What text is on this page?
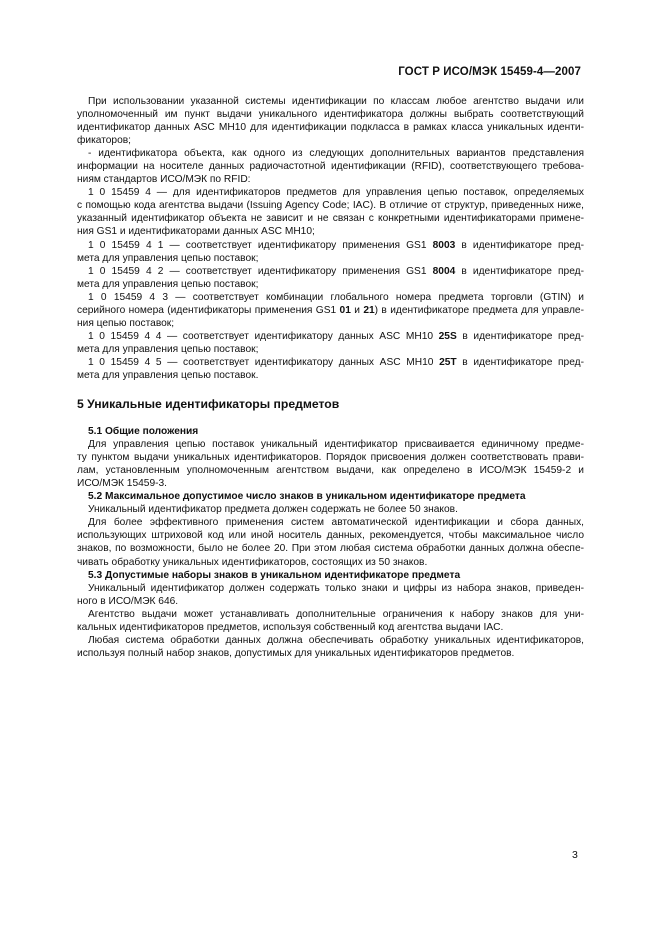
ГОСТ Р ИСО/МЭК 15459-4—2007
При использовании указанной системы идентификации по классам любое агентство выдачи или
уполномоченный им пункт выдачи уникального идентификатора должны выбрать соответствующий
идентификатор данных ASC MH10 для идентификации подкласса в рамках класса уникальных иденти-
фикаторов;
- идентификатора объекта, как одного из следующих дополнительных вариантов представления
информации на носителе данных радиочастотной идентификации (RFID), соответствующего требова-
ниям стандартов ИСО/МЭК по RFID:
1 0 15459 4 — для идентификаторов предметов для управления цепью поставок, определяемых
с помощью кода агентства выдачи (Issuing Agency Code; IAC). В отличие от структур, приведенных ниже,
указанный идентификатор объекта не зависит и не связан с конкретными идентификаторами примене-
ния GS1 и идентификаторами данных ASC MH10;
1 0 15459 4 1 — соответствует идентификатору применения GS1 8003 в идентификаторе пред-
мета для управления цепью поставок;
1 0 15459 4 2 — соответствует идентификатору применения GS1 8004 в идентификаторе пред-
мета для управления цепью поставок;
1 0 15459 4 3 — соответствует комбинации глобального номера предмета торговли (GTIN) и
серийного номера (идентификаторы применения GS1 01 и 21) в идентификаторе предмета для управле-
ния цепью поставок;
1 0 15459 4 4 — соответствует идентификатору данных ASC MH10 25S в идентификаторе пред-
мета для управления цепью поставок;
1 0 15459 4 5 — соответствует идентификатору данных ASC MH10 25T в идентификаторе пред-
мета для управления цепью поставок.
5 Уникальные идентификаторы предметов
5.1 Общие положения
Для управления цепью поставок уникальный идентификатор присваивается единичному предме-
ту пунктом выдачи уникальных идентификаторов. Порядок присвоения должен соответствовать прави-
лам, установленным уполномоченным агентством выдачи, как определено в ИСО/МЭК 15459-2 и
ИСО/МЭК 15459-3.
5.2 Максимальное допустимое число знаков в уникальном идентификаторе предмета
Уникальный идентификатор предмета должен содержать не более 50 знаков.
Для более эффективного применения систем автоматической идентификации и сбора данных,
использующих штриховой код или иной носитель данных, рекомендуется, чтобы максимальное число
знаков, по возможности, было не более 20. При этом любая система обработки данных должна обеспе-
чивать обработку уникальных идентификаторов, состоящих из 50 знаков.
5.3 Допустимые наборы знаков в уникальном идентификаторе предмета
Уникальный идентификатор должен содержать только знаки и цифры из набора знаков, приведен-
ного в ИСО/МЭК 646.
Агентство выдачи может устанавливать дополнительные ограничения к набору знаков для уни-
кальных идентификаторов предметов, используя собственный код агентства выдачи IAC.
Любая система обработки данных должна обеспечивать обработку уникальных идентификаторов,
используя полный набор знаков, допустимых для уникальных идентификаторов предметов.
3
